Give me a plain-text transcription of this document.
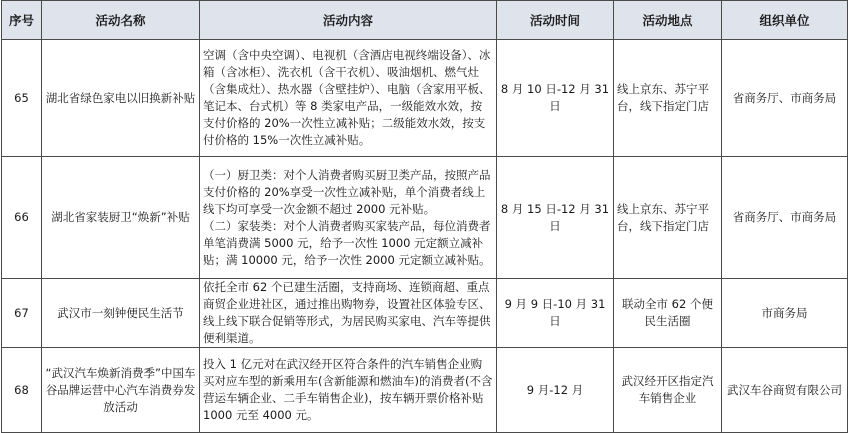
序号	活动名称	活动内容	活动时间	活动地点	组织单位
65	湖北省绿色家电以旧换新补贴	空调（含中央空调）、电视机（含酒店电视终端设备）、冰箱（含冰柜）、洗衣机（含干衣机）、吸油烟机、燃气灶（含集成灶）、热水器（含壁挂炉）、电脑（含家用平板、笔记本、台式机）等 8 类家电产品，一级能效水效，按支付价格的 20%一次性立减补贴；二级能效水效，按支付价格的 15%一次性立减补贴。	8 月 10 日-12 月 31 日	线上京东、苏宁平台，线下指定门店	省商务厅、市商务局
66	湖北省家装厨卫“焕新”补贴	（一）厨卫类：对个人消费者购买厨卫类产品，按照产品支付价格的 20%享受一次性立减补贴，单个消费者线上线下均可享受一次金额不超过 2000 元补贴。
（二）家装类：对个人消费者购买家装产品，每位消费者单笔消费满 5000 元，给予一次性 1000 元定额立减补贴；满 10000 元，给予一次性 2000 元定额立减补贴。	8 月 15 日-12 月 31 日	线上京东、苏宁平台，线下指定门店	省商务厅、市商务局
67	武汉市一刻钟便民生活节	依托全市 62 个已建生活圈，支持商场、连锁商超、重点商贸企业进社区，通过推出购物券，设置社区体验专区、线上线下联合促销等形式，为居民购买家电、汽车等提供便利渠道。	9 月 9 日-10 月 31 日	联动全市 62 个便民生活圈	市商务局
68	“武汉汽车焕新消费季”中国车谷品牌运营中心汽车消费券发放活动	投入 1 亿元对在武汉经开区符合条件的汽车销售企业购买对应车型的新乘用车(含新能源和燃油车)的消费者(不含营运车辆企业、二手车销售企业)，按车辆开票价格补贴 1000 元至 4000 元。	9 月-12 月	武汉经开区指定汽车销售企业	武汉车谷商贸有限公司
